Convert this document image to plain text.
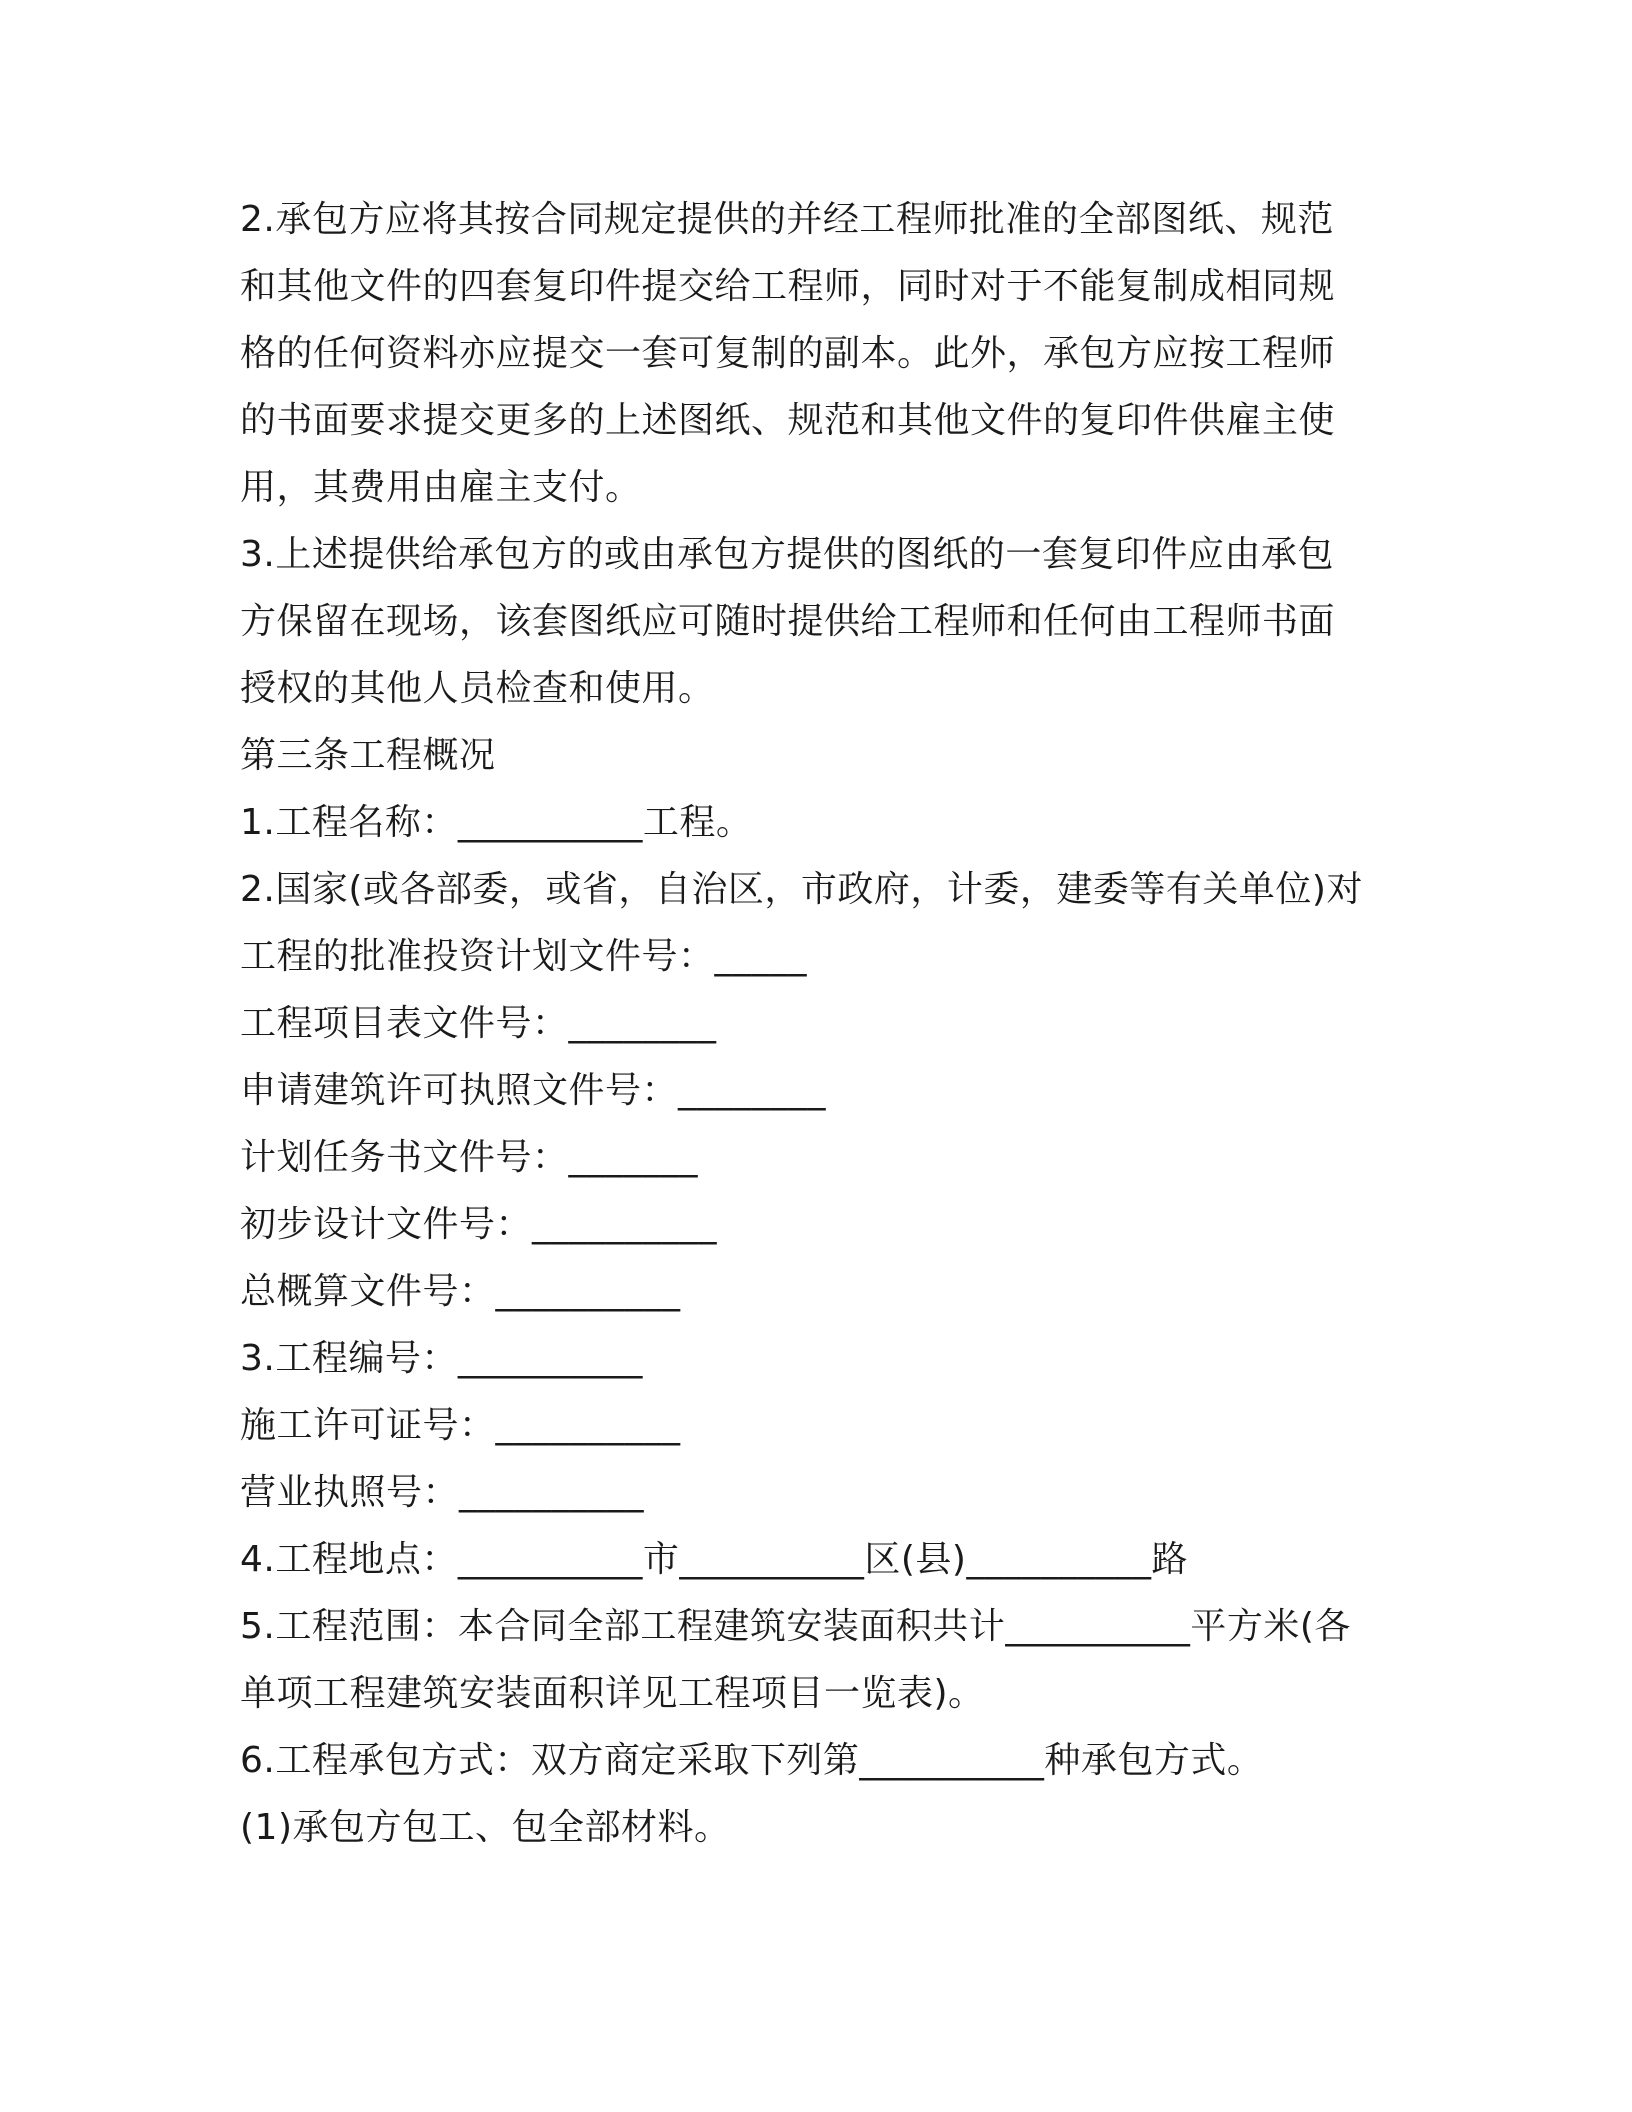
2.承包方应将其按合同规定提供的并经工程师批准的全部图纸、规范
和其他文件的四套复印件提交给工程师，同时对于不能复制成相同规
格的任何资料亦应提交一套可复制的副本。此外，承包方应按工程师
的书面要求提交更多的上述图纸、规范和其他文件的复印件供雇主使
用，其费用由雇主支付。
3.上述提供给承包方的或由承包方提供的图纸的一套复印件应由承包
方保留在现场，该套图纸应可随时提供给工程师和任何由工程师书面
授权的其他人员检查和使用。
第三条工程概况
1.工程名称：__________工程。
2.国家(或各部委，或省，自治区，市政府，计委，建委等有关单位)对
工程的批准投资计划文件号：_____
工程项目表文件号：________
申请建筑许可执照文件号：________
计划任务书文件号：_______
初步设计文件号：__________
总概算文件号：__________
3.工程编号：__________
施工许可证号：__________
营业执照号：__________
4.工程地点：__________市__________区(县)__________路
5.工程范围：本合同全部工程建筑安装面积共计__________平方米(各
单项工程建筑安装面积详见工程项目一览表)。
6.工程承包方式：双方商定采取下列第__________种承包方式。
(1)承包方包工、包全部材料。
